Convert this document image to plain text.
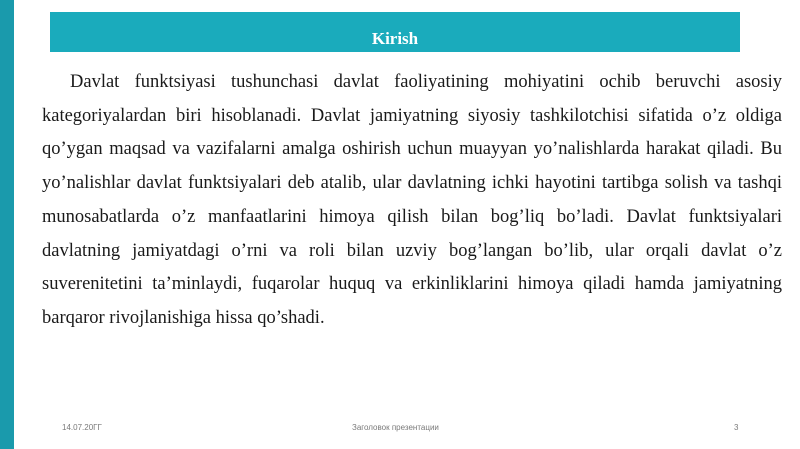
Kirish

Davlat funktsiyasi tushunchasi davlat faoliyatining mohiyatini ochib beruvchi asosiy kategoriyalardan biri hisoblanadi. Davlat jamiyatning siyosiy tashkilotchisi sifatida o’z oldiga qo’ygan maqsad va vazifalarni amalga oshirish uchun muayyan yo’nalishlarda harakat qiladi. Bu yo’nalishlar davlat funktsiyalari deb atalib, ular davlatning ichki hayotini tartibga solish va tashqi munosabatlarda o’z manfaatlarini himoya qilish bilan bog’liq bo’ladi. Davlat funktsiyalari davlatning jamiyatdagi o’rni va roli bilan uzviy bog’langan bo’lib, ular orqali davlat o’z suverenitetini ta’minlaydi, fuqarolar huquq va erkinliklarini himoya qiladi hamda jamiyatning barqaror rivojlanishiga hissa qo’shadi.

14.07.20ГГ	Заголовок презентации	3
